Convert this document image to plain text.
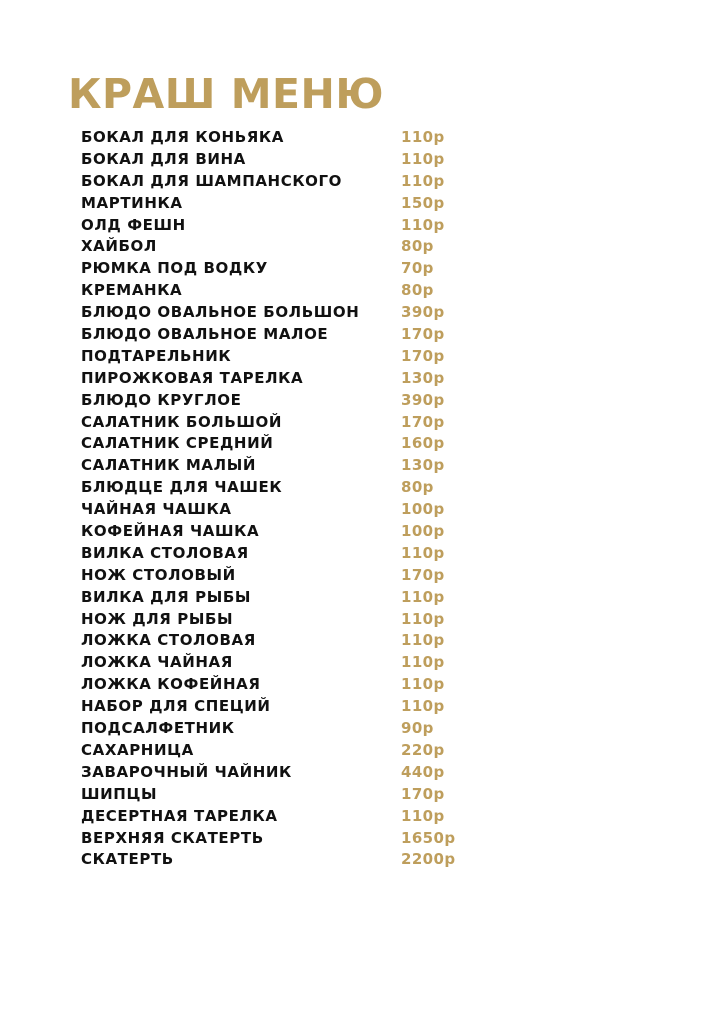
КРАШ МЕНЮ
БОКАЛ ДЛЯ КОНЬЯКА	110р
БОКАЛ ДЛЯ ВИНА	110р
БОКАЛ ДЛЯ ШАМПАНСКОГО	110р
МАРТИНКА	150р
ОЛД ФЕШН	110р
ХАЙБОЛ	80р
РЮМКА ПОД ВОДКУ	70р
КРЕМАНКА	80р
БЛЮДО ОВАЛЬНОЕ БОЛЬШОН	390р
БЛЮДО ОВАЛЬНОЕ МАЛОЕ	170р
ПОДТАРЕЛЬНИК	170р
ПИРОЖКОВАЯ ТАРЕЛКА	130р
БЛЮДО КРУГЛОЕ	390р
САЛАТНИК БОЛЬШОЙ	170р
САЛАТНИК СРЕДНИЙ	160р
САЛАТНИК МАЛЫЙ	130р
БЛЮДЦЕ ДЛЯ ЧАШЕК	80р
ЧАЙНАЯ ЧАШКА	100р
КОФЕЙНАЯ ЧАШКА	100р
ВИЛКА СТОЛОВАЯ	110р
НОЖ СТОЛОВЫЙ	170р
ВИЛКА ДЛЯ РЫБЫ	110р
НОЖ ДЛЯ РЫБЫ	110р
ЛОЖКА СТОЛОВАЯ	110р
ЛОЖКА ЧАЙНАЯ	110р
ЛОЖКА КОФЕЙНАЯ	110р
НАБОР ДЛЯ СПЕЦИЙ	110р
ПОДСАЛФЕТНИК	90р
САХАРНИЦА	220р
ЗАВАРОЧНЫЙ ЧАЙНИК	440р
ШИПЦЫ	170р
ДЕСЕРТНАЯ ТАРЕЛКА	110р
ВЕРХНЯЯ СКАТЕРТЬ	1650р
СКАТЕРТЬ	2200р
